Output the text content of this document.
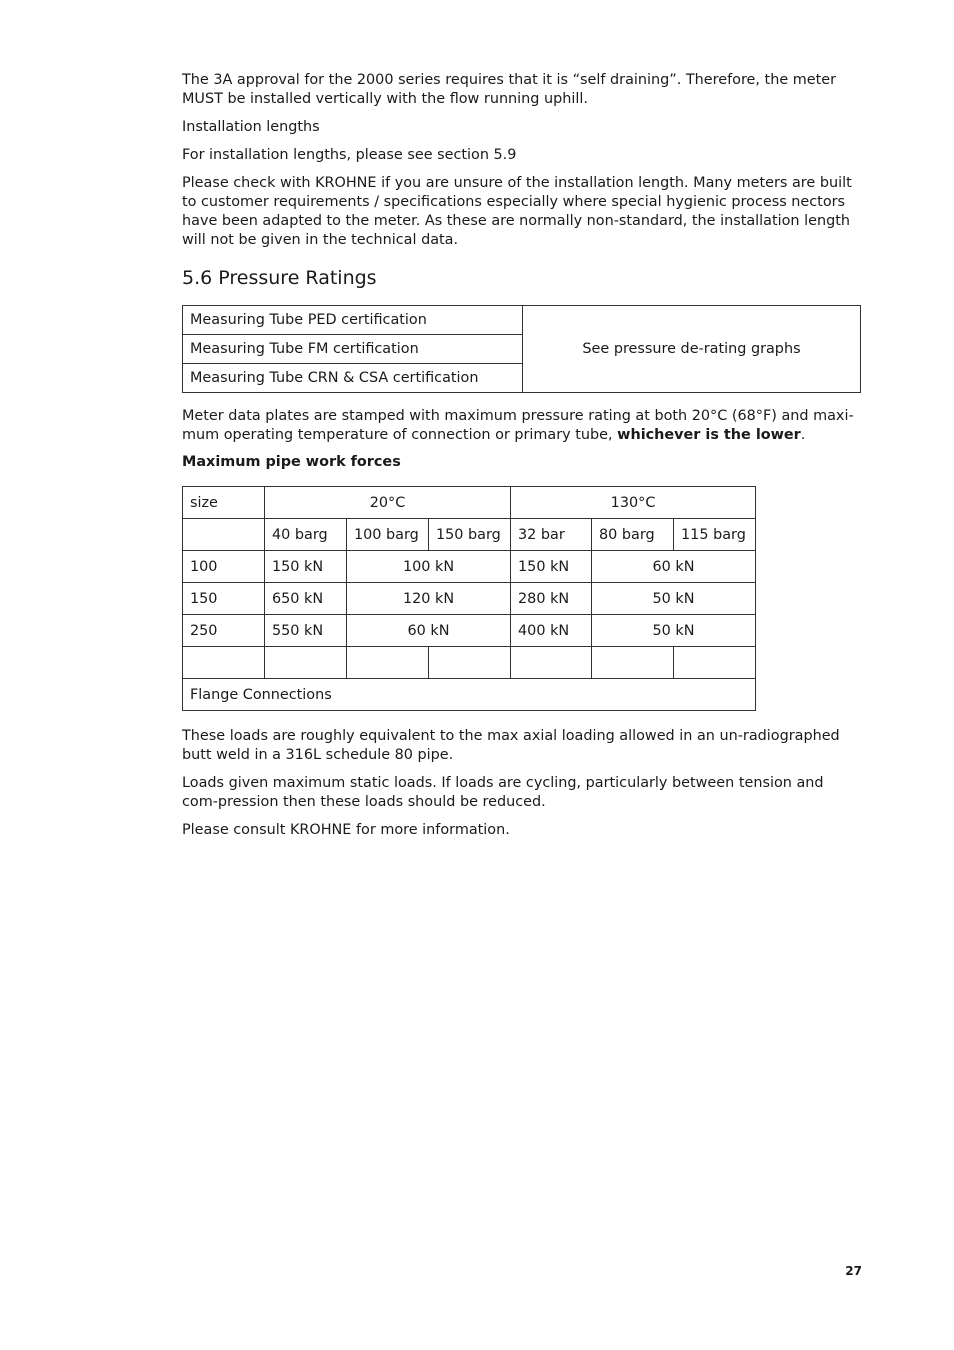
The 3A approval for the 2000 series requires that it is “self draining”. Therefore, the meter MUST be installed vertically with the flow running uphill.

Installation lengths

For installation lengths, please see section 5.9

Please check with KROHNE if you are unsure of the installation length. Many meters are built to customer requirements / specifications especially where special hygienic process nectors have been adapted to the meter. As these are normally non-standard, the installation length will not be given in the technical data.

5.6 Pressure Ratings
Measuring Tube PED certification	See pressure de-rating graphs
Measuring Tube FM certification
Measuring Tube CRN & CSA certification

Meter data plates are stamped with maximum pressure rating at both 20°C (68°F) and maxi-mum operating temperature of connection or primary tube, whichever is the lower.

Maximum pipe work forces

size	20°C			130°C		
	40 barg	100 barg	150 barg	32 bar	80 barg	115 barg
100	150 kN	100 kN		150 kN	60 kN	
150	650 kN	120 kN		280 kN	50 kN	
250	550 kN	60 kN		400 kN	50 kN	

Flange Connections						

These loads are roughly equivalent to the max axial loading allowed in an un-radiographed butt weld in a 316L schedule 80 pipe.

Loads given maximum static loads. If loads are cycling, particularly between tension and com-pression then these loads should be reduced.

Please consult KROHNE for more information.

27
